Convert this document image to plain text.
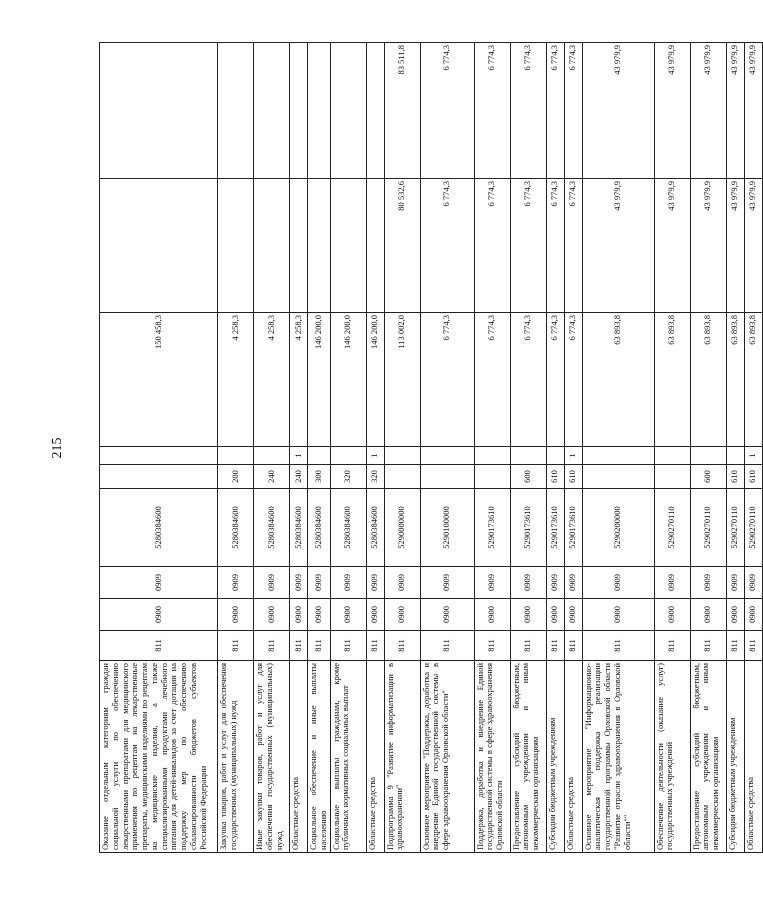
215
Оказание отдельным категориям граждан социальной услуги по обеспечению лекарственными препаратами для медицинского применения по рецептам на лекарственные препараты, медицинскими изделиями по рецептам на медицинские изделия, а также специализированными продуктами лечебного питания для детей-инвалидов за счет дотации на поддержку мер по обеспечению сбалансированности бюджетов субъектов Российской Федерации	811	0900	0909	5280384600			150 458,3		
Закупка товаров, работ и услуг для обеспечения государственных (муниципальных) нужд	811	0900	0909	5280384600	200		4 258,3		
Иные закупки товаров, работ и услуг для обеспечения государственных (муниципальных) нужд	811	0900	0909	5280384600	240		4 258,3		
Областные средства	811	0900	0909	5280384600	240	1	4 258,3		
Социальное обеспечение и иные выплаты населению	811	0900	0909	5280384600	300		146 200,0		
Социальные выплаты гражданам, кроме публичных нормативных социальных выплат	811	0900	0909	5280384600	320		146 200,0		
Областные средства	811	0900	0909	5280384600	320	1	146 200,0		
Подпрограмма 9 "Развитие информатизации в здравоохранении"	811	0900	0909	5290000000			113 002,0	80 532,6	83 511,8
Основное мероприятие "Поддержка, доработка и внедрение Единой государственной системы в сфере здравоохранения Орловской области"	811	0900	0909	5290100000			6 774,3	6 774,3	6 774,3
Поддержка, доработка и внедрение Единой государственной системы в сфере здравоохранения Орловской области	811	0900	0909	5290173610			6 774,3	6 774,3	6 774,3
Предоставление субсидий бюджетным, автономным учреждениям и иным некоммерческим организациям	811	0900	0909	5290173610	600		6 774,3	6 774,3	6 774,3
Субсидии бюджетным учреждениям	811	0900	0909	5290173610	610		6 774,3	6 774,3	6 774,3
Областные средства	811	0900	0909	5290173610	610	1	6 774,3	6 774,3	6 774,3
Основное мероприятие "Информационно-аналитическая поддержка реализации государственной программы Орловской области "Развитие отрасли здравоохранения в Орловской области""	811	0900	0909	5290200000			63 893,8	43 979,9	43 979,9
Обеспечение деятельности (оказание услуг) государственных учреждений	811	0900	0909	5290270110			63 893,8	43 979,9	43 979,9
Предоставление субсидий бюджетным, автономным учреждениям и иным некоммерческим организациям	811	0900	0909	5290270110	600		63 893,8	43 979,9	43 979,9
Субсидии бюджетным учреждениям	811	0900	0909	5290270110	610		63 893,8	43 979,9	43 979,9
Областные средства	811	0900	0909	5290270110	610	1	63 893,8	43 979,9	43 979,9
